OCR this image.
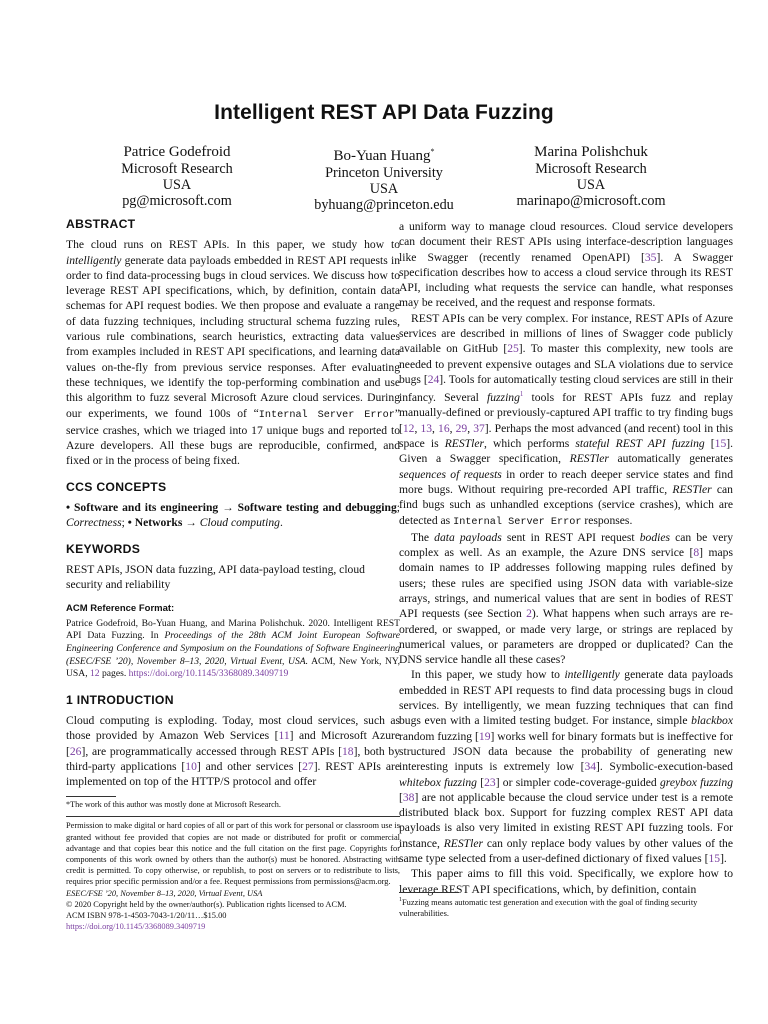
Intelligent REST API Data Fuzzing
Patrice Godefroid
Microsoft Research
USA
pg@microsoft.com
Bo-Yuan Huang*
Princeton University
USA
byhuang@princeton.edu
Marina Polishchuk
Microsoft Research
USA
marinapo@microsoft.com
ABSTRACT

The cloud runs on REST APIs. In this paper, we study how to intelligently generate data payloads embedded in REST API requests in order to find data-processing bugs in cloud services. We discuss how to leverage REST API specifications, which, by definition, contain data schemas for API request bodies. We then propose and evaluate a range of data fuzzing techniques, including structural schema fuzzing rules, various rule combinations, search heuristics, extracting data values from examples included in REST API specifications, and learning data values on-the-fly from previous service responses. After evaluating these techniques, we identify the top-performing combination and use this algorithm to fuzz several Microsoft Azure cloud services. During our experiments, we found 100s of “Internal Server Error” service crashes, which we triaged into 17 unique bugs and reported to Azure developers. All these bugs are reproducible, confirmed, and fixed or in the process of being fixed.

CCS CONCEPTS

• Software and its engineering → Software testing and debugging; Correctness; • Networks → Cloud computing.

KEYWORDS

REST APIs, JSON data fuzzing, API data-payload testing, cloud security and reliability

ACM Reference Format:

Patrice Godefroid, Bo-Yuan Huang, and Marina Polishchuk. 2020. Intelligent REST API Data Fuzzing. In Proceedings of the 28th ACM Joint European Software Engineering Conference and Symposium on the Foundations of Software Engineering (ESEC/FSE ’20), November 8–13, 2020, Virtual Event, USA. ACM, New York, NY, USA, 12 pages. https://doi.org/10.1145/3368089.3409719

1 INTRODUCTION

Cloud computing is exploding. Today, most cloud services, such as those provided by Amazon Web Services [11] and Microsoft Azure [26], are programmatically accessed through REST APIs [18], both by third-party applications [10] and other services [27]. REST APIs are implemented on top of the HTTP/S protocol and offer

*The work of this author was mostly done at Microsoft Research.

Permission to make digital or hard copies of all or part of this work for personal or classroom use is granted without fee provided that copies are not made or distributed for profit or commercial advantage and that copies bear this notice and the full citation on the first page. Copyrights for components of this work owned by others than the author(s) must be honored. Abstracting with credit is permitted. To copy otherwise, or republish, to post on servers or to redistribute to lists, requires prior specific permission and/or a fee. Request permissions from permissions@acm.org.

ESEC/FSE ’20, November 8–13, 2020, Virtual Event, USA
© 2020 Copyright held by the owner/author(s). Publication rights licensed to ACM.
ACM ISBN 978-1-4503-7043-1/20/11…$15.00
https://doi.org/10.1145/3368089.3409719

a uniform way to manage cloud resources. Cloud service developers can document their REST APIs using interface-description languages like Swagger (recently renamed OpenAPI) [35]. A Swagger specification describes how to access a cloud service through its REST API, including what requests the service can handle, what responses may be received, and the request and response formats.

REST APIs can be very complex. For instance, REST APIs of Azure services are described in millions of lines of Swagger code publicly available on GitHub [25]. To master this complexity, new tools are needed to prevent expensive outages and SLA violations due to service bugs [24]. Tools for automatically testing cloud services are still in their infancy. Several fuzzing$^1$ tools for REST APIs fuzz and replay manually-defined or previously-captured API traffic to try finding bugs [12, 13, 16, 29, 37]. Perhaps the most advanced (and recent) tool in this space is RESTler, which performs stateful REST API fuzzing [15]. Given a Swagger specification, RESTler automatically generates sequences of requests in order to reach deeper service states and find more bugs. Without requiring pre-recorded API traffic, RESTler can find bugs such as unhandled exceptions (service crashes), which are detected as Internal Server Error responses.

The data payloads sent in REST API request bodies can be very complex as well. As an example, the Azure DNS service [8] maps domain names to IP addresses following mapping rules defined by users; these rules are specified using JSON data with variable-size arrays, strings, and numerical values that are sent in bodies of REST API requests (see Section 2). What happens when such arrays are re-ordered, or swapped, or made very large, or strings are replaced by numerical values, or parameters are dropped or duplicated? Can the DNS service handle all these cases?

In this paper, we study how to intelligently generate data payloads embedded in REST API requests to find data processing bugs in cloud services. By intelligently, we mean fuzzing techniques that can find bugs even with a limited testing budget. For instance, simple blackbox random fuzzing [19] works well for binary formats but is ineffective for structured JSON data because the probability of generating new interesting inputs is extremely low [34]. Symbolic-execution-based whitebox fuzzing [23] or simpler code-coverage-guided greybox fuzzing [38] are not applicable because the cloud service under test is a remote distributed black box. Support for fuzzing complex REST API data payloads is also very limited in existing REST API fuzzing tools. For instance, RESTler can only replace body values by other values of the same type selected from a user-defined dictionary of fixed values [15].

This paper aims to fill this void. Specifically, we explore how to leverage REST API specifications, which, by definition, contain

$^1$Fuzzing means automatic test generation and execution with the goal of finding security vulnerabilities.
